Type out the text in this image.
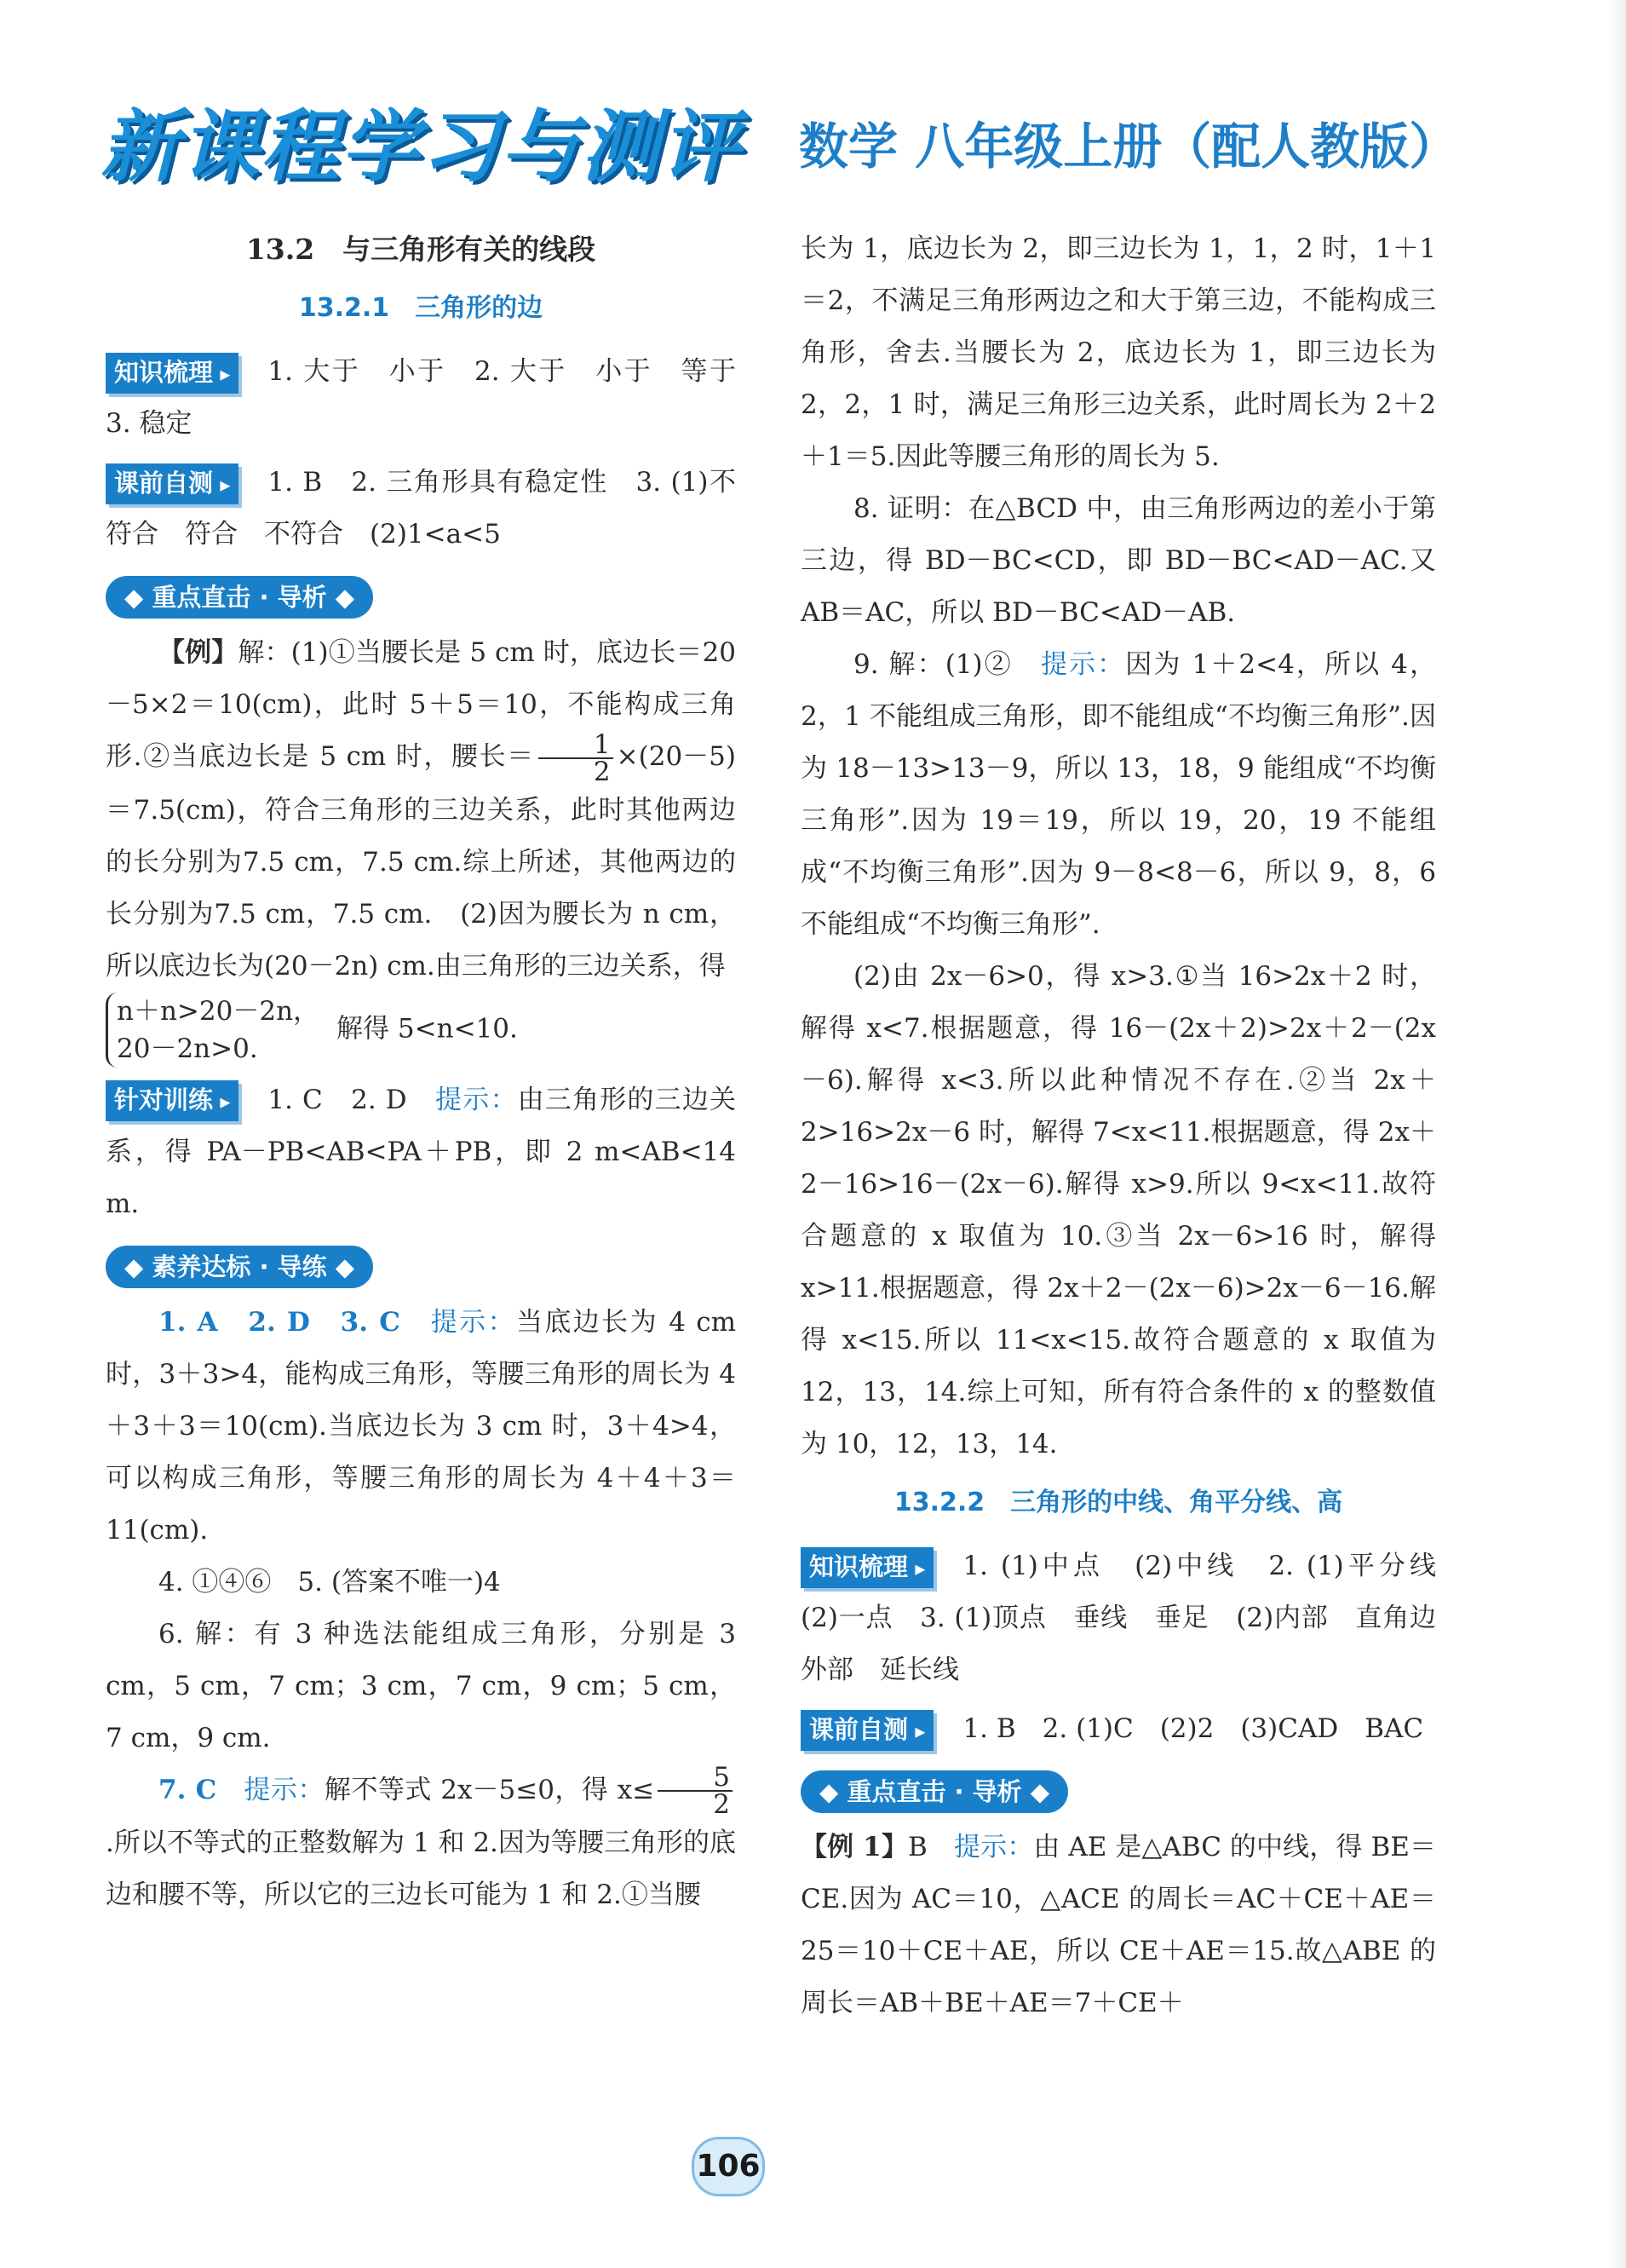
新课程学习与测评 数学 八年级上册（配人教版）

13.2　与三角形有关的线段

13.2.1　三角形的边

知识梳理 ▸ 1. 大于　小于　2. 大于　小于　等于　3. 稳定

课前自测 ▸ 1. B　2. 三角形具有稳定性　3. (1)不符合　符合　不符合　(2)1<a<5

◆ 重点直击 · 导析 ◆

【例】解：(1)①当腰长是 5 cm 时，底边长＝20－5×2＝10(cm)，此时 5＋5＝10，不能构成三角形.②当底边长是 5 cm 时，腰长＝ $\frac{1}{2} \times(20-5)=7.5(cm)$，符合三角形的三边关系，此时其他两边的长分别为7.5 cm，7.5 cm.综上所述，其他两边的长分别为7.5 cm，7.5 cm.　(2)因为腰长为 n cm，所以底边长为(20－2n) cm.由三角形的三边关系，得

n＋n>20－2n，
20－2n>0.
解得 5<n<10.

针对训练 ▸ 1. C　2. D　提示：由三角形的三边关系，得 PA－PB<AB<PA＋PB，即 2 m<AB<14 m.

◆ 素养达标 · 导练 ◆

1. A　2. D　3. C　提示：当底边长为 4 cm 时，3＋3>4，能构成三角形，等腰三角形的周长为 4＋3＋3＝10(cm).当底边长为 3 cm 时，3＋4>4，可以构成三角形，等腰三角形的周长为 4＋4＋3＝11(cm).

4. ①④⑥　5. (答案不唯一)4

6. 解：有 3 种选法能组成三角形，分别是 3 cm，5 cm，7 cm；3 cm，7 cm，9 cm；5 cm，7 cm，9 cm.

7. C　提示：解不等式 2x－5≤0，得 $x\le \frac{5}{2}$
.所以不等式的正整数解为 1 和 2.因为等腰三角形的底边和腰不等，所以它的三边长可能为 1 和 2.①当腰

长为 1，底边长为 2，即三边长为 1，1，2 时，1＋1＝2，不满足三角形两边之和大于第三边，不能构成三角形，舍去.当腰长为 2，底边长为 1，即三边长为 2，2，1 时，满足三角形三边关系，此时周长为 2＋2＋1＝5.因此等腰三角形的周长为 5.

8. 证明：在△BCD 中，由三角形两边的差小于第三边，得 BD－BC<CD，即 BD－BC<AD－AC.又 AB＝AC，所以 BD－BC<AD－AB.

9. 解：(1)②　提示：因为 1＋2<4，所以 4，2，1 不能组成三角形，即不能组成“不均衡三角形”.因为 18－13>13－9，所以 13，18，9 能组成“不均衡三角形”.因为 19＝19，所以 19，20，19 不能组成“不均衡三角形”.因为 9－8<8－6，所以 9，8，6 不能组成“不均衡三角形”.

(2)由 2x－6>0，得 x>3.①当 16>2x＋2 时，解得 x<7.根据题意，得 16－(2x＋2)>2x＋2－(2x－6).解得 x<3.所以此种情况不存在.②当 2x＋2>16>2x－6 时，解得 7<x<11.根据题意，得 2x＋2－16>16－(2x－6).解得 x>9.所以 9<x<11.故符合题意的 x 取值为 10.③当 2x－6>16 时，解得 x>11.根据题意，得 2x＋2－(2x－6)>2x－6－16.解得 x<15.所以 11<x<15.故符合题意的 x 取值为 12，13，14.综上可知，所有符合条件的 x 的整数值为 10，12，13，14.

13.2.2　三角形的中线、角平分线、高

知识梳理 ▸ 1. (1)中点　(2)中线　2. (1)平分线　(2)一点　3. (1)顶点　垂线　垂足　(2)内部　直角边　外部　延长线

课前自测 ▸ 1. B　2. (1)C　(2)2　(3)CAD　BAC

◆ 重点直击 · 导析 ◆

【例 1】B　提示：由 AE 是△ABC 的中线，得 BE＝CE.因为 AC＝10，△ACE 的周长＝AC＋CE＋AE＝25＝10＋CE＋AE，所以 CE＋AE＝15.故△ABE 的周长＝AB＋BE＋AE＝7＋CE＋

106
